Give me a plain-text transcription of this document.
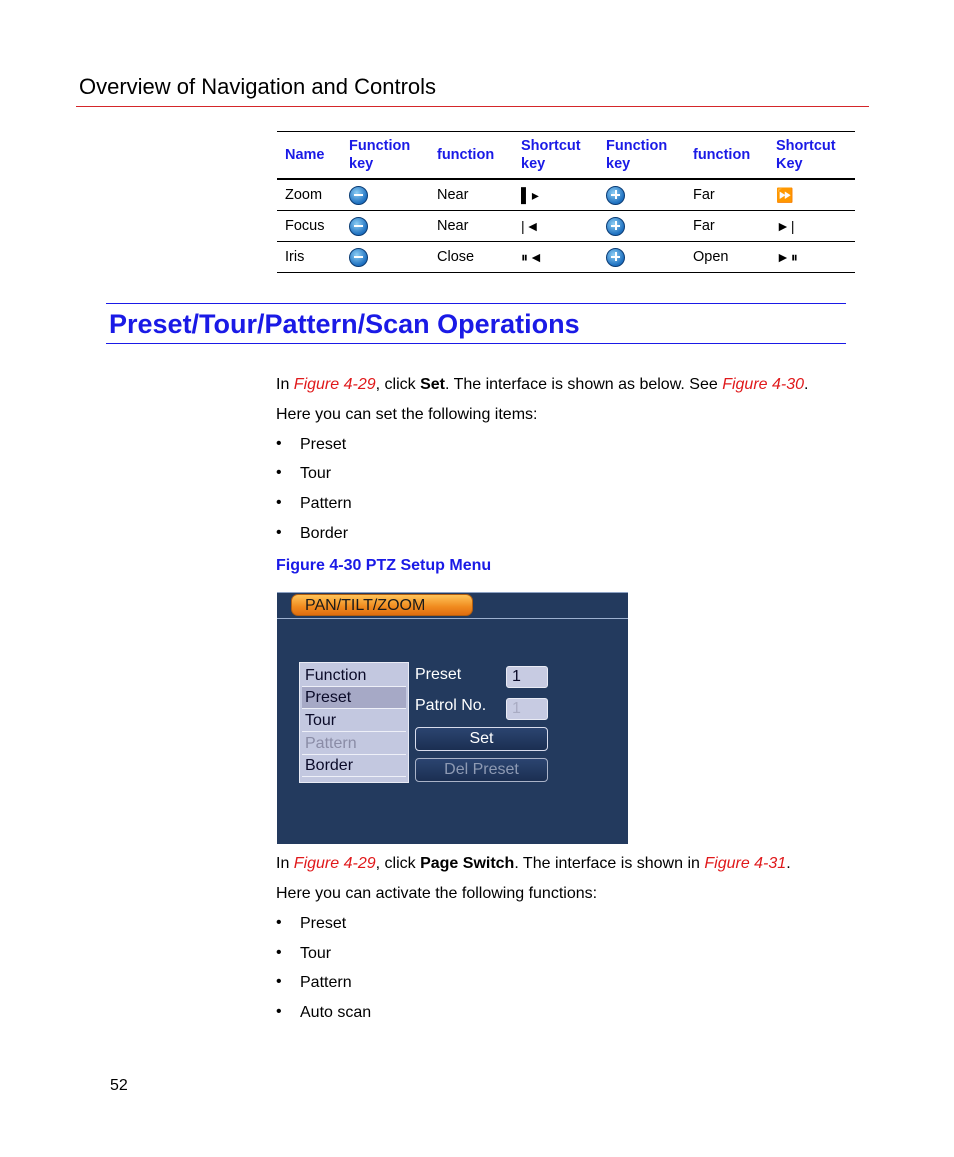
Overview of Navigation and Controls
Name	Function key	function	Shortcut key	Function key	function	Shortcut Key
Zoom		Near	▌▸		Far	⏩
Focus		Near	|◄		Far	►|
Iris		Close	⏸◄		Open	►⏸
Preset/Tour/Pattern/Scan Operations
In Figure 4-29, click Set. The interface is shown as below. See Figure 4-30.
Here you can set the following items:
• Preset
• Tour
• Pattern
• Border
Figure 4-30 PTZ Setup Menu
PAN/TILT/ZOOM
Function
Preset
Tour
Pattern
Border
Preset	1
Patrol No.	1
Set
Del Preset
In Figure 4-29, click Page Switch. The interface is shown in Figure 4-31.
Here you can activate the following functions:
• Preset
• Tour
• Pattern
• Auto scan
52
